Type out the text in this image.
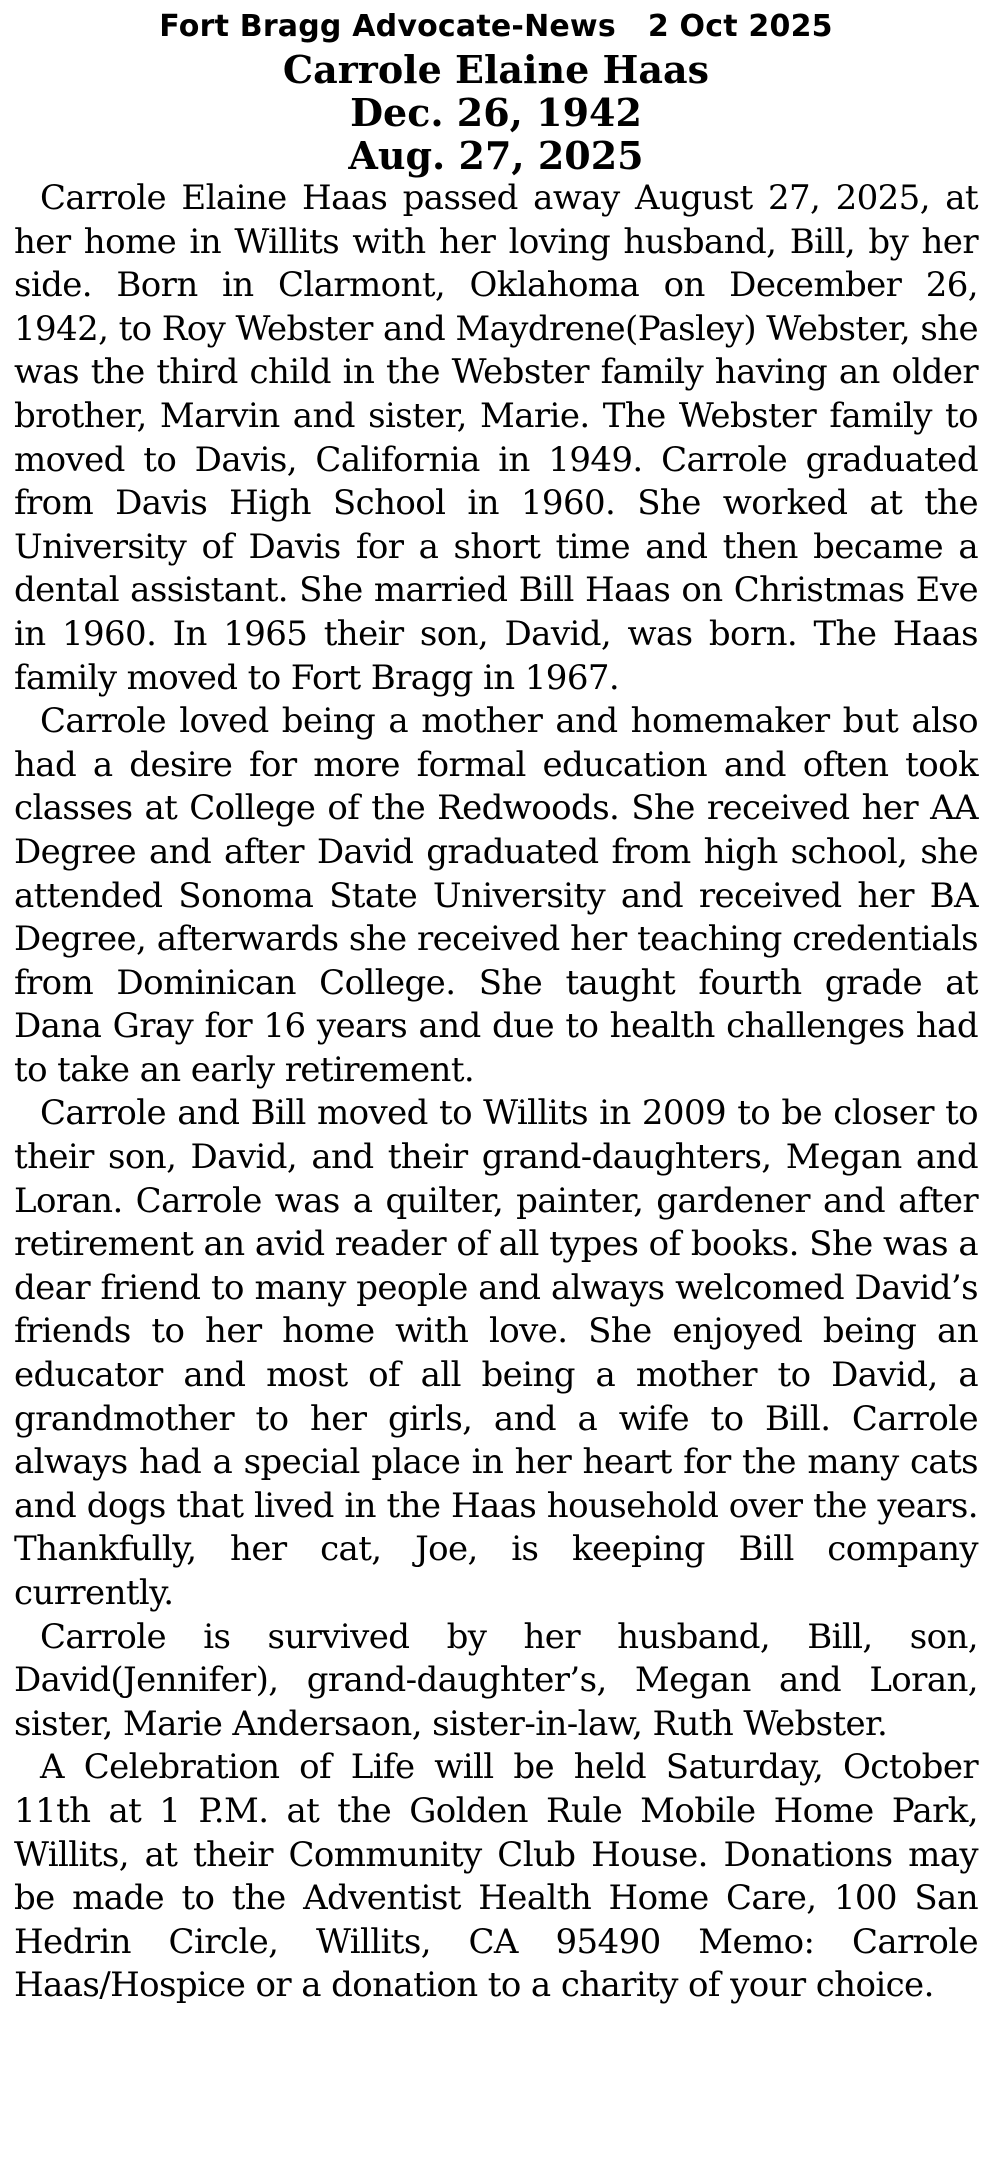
Fort Bragg Advocate-News   2 Oct 2025
Carrole Elaine Haas
Dec. 26, 1942
Aug. 27, 2025

Carrole Elaine Haas passed away August 27, 2025, at her home in Willits with her loving husband, Bill, by her side. Born in Clarmont, Oklahoma on December 26, 1942, to Roy Webster and Maydrene(Pasley) Webster, she was the third child in the Webster family having an older brother, Marvin and sister, Marie. The Webster family to moved to Davis, California in 1949. Carrole graduated from Davis High School in 1960. She worked at the University of Davis for a short time and then became a dental assistant. She married Bill Haas on Christmas Eve in 1960. In 1965 their son, David, was born. The Haas family moved to Fort Bragg in 1967.

Carrole loved being a mother and homemaker but also had a desire for more formal education and often took classes at College of the Redwoods. She received her AA Degree and after David graduated from high school, she attended Sonoma State University and received her BA Degree, afterwards she received her teaching credentials from Dominican College. She taught fourth grade at Dana Gray for 16 years and due to health challenges had to take an early retirement.

Carrole and Bill moved to Willits in 2009 to be closer to their son, David, and their grand-daughters, Megan and Loran. Carrole was a quilter, painter, gardener and after retirement an avid reader of all types of books. She was a dear friend to many people and always welcomed David’s friends to her home with love. She enjoyed being an educator and most of all being a mother to David, a grandmother to her girls, and a wife to Bill. Carrole always had a special place in her heart for the many cats and dogs that lived in the Haas household over the years. Thankfully, her cat, Joe, is keeping Bill company currently.

Carrole is survived by her husband, Bill, son, David(Jennifer), grand-daughter’s, Megan and Loran, sister, Marie Andersaon, sister-in-law, Ruth Webster.

A Celebration of Life will be held Saturday, October 11th at 1 P.M. at the Golden Rule Mobile Home Park, Willits, at their Community Club House. Donations may be made to the Adventist Health Home Care, 100 San Hedrin Circle, Willits, CA 95490 Memo: Carrole Haas/Hospice or a donation to a charity of your choice.
